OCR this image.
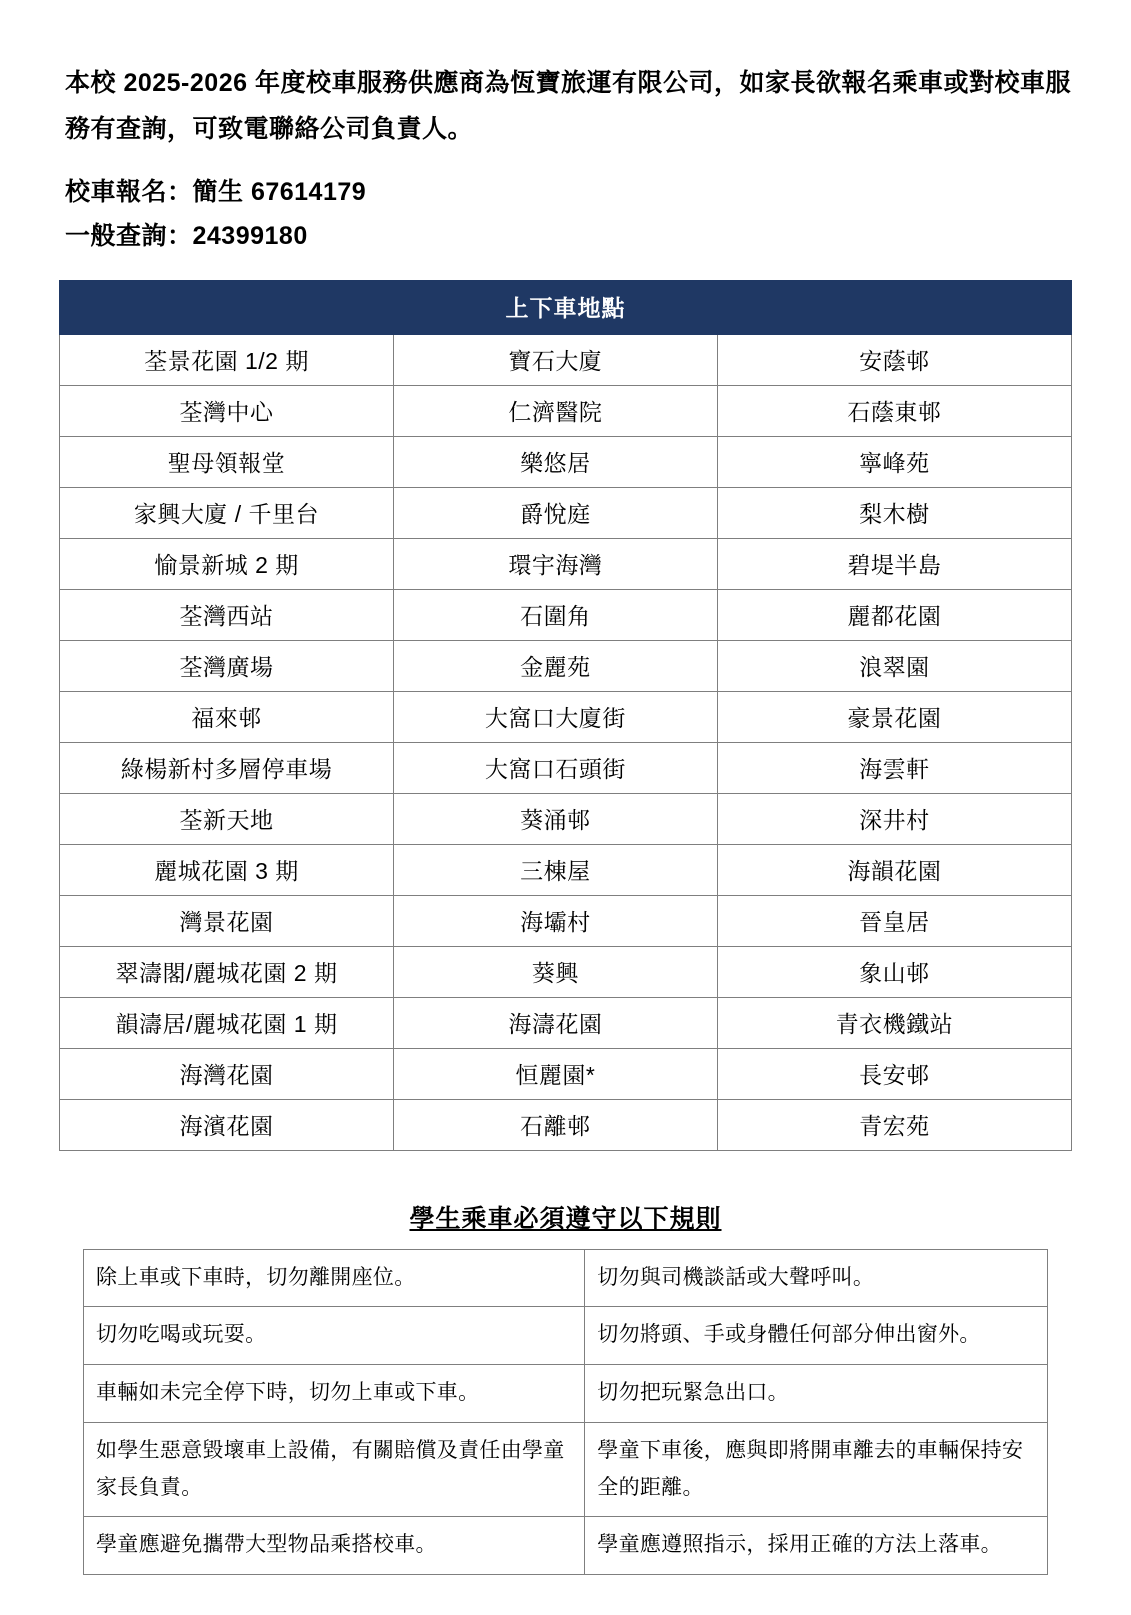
本校 2025-2026 年度校車服務供應商為恆寶旅運有限公司，如家長欲報名乘車或對校車服務有查詢，可致電聯絡公司負責人。

校車報名：簡生 67614179
一般查詢：24399180
上下車地點		
荃景花園 1/2 期	寶石大廈	安蔭邨
荃灣中心	仁濟醫院	石蔭東邨
聖母領報堂	樂悠居	寧峰苑
家興大廈 / 千里台	爵悅庭	梨木樹
愉景新城 2 期	環宇海灣	碧堤半島
荃灣西站	石圍角	麗都花園
荃灣廣場	金麗苑	浪翠園
福來邨	大窩口大廈街	豪景花園
綠楊新村多層停車場	大窩口石頭街	海雲軒
荃新天地	葵涌邨	深井村
麗城花園 3 期	三棟屋	海韻花園
灣景花園	海壩村	晉皇居
翠濤閣/麗城花園 2 期	葵興	象山邨
韻濤居/麗城花園 1 期	海濤花園	青衣機鐵站
海灣花園	恒麗園*	長安邨
海濱花園	石離邨	青宏苑
學生乘車必須遵守以下規則
除上車或下車時，切勿離開座位。	切勿與司機談話或大聲呼叫。
切勿吃喝或玩耍。	切勿將頭、手或身體任何部分伸出窗外。
車輛如未完全停下時，切勿上車或下車。	切勿把玩緊急出口。
如學生惡意毀壞車上設備，有關賠償及責任由學童家長負責。	學童下車後，應與即將開車離去的車輛保持安全的距離。
學童應避免攜帶大型物品乘搭校車。	學童應遵照指示，採用正確的方法上落車。
